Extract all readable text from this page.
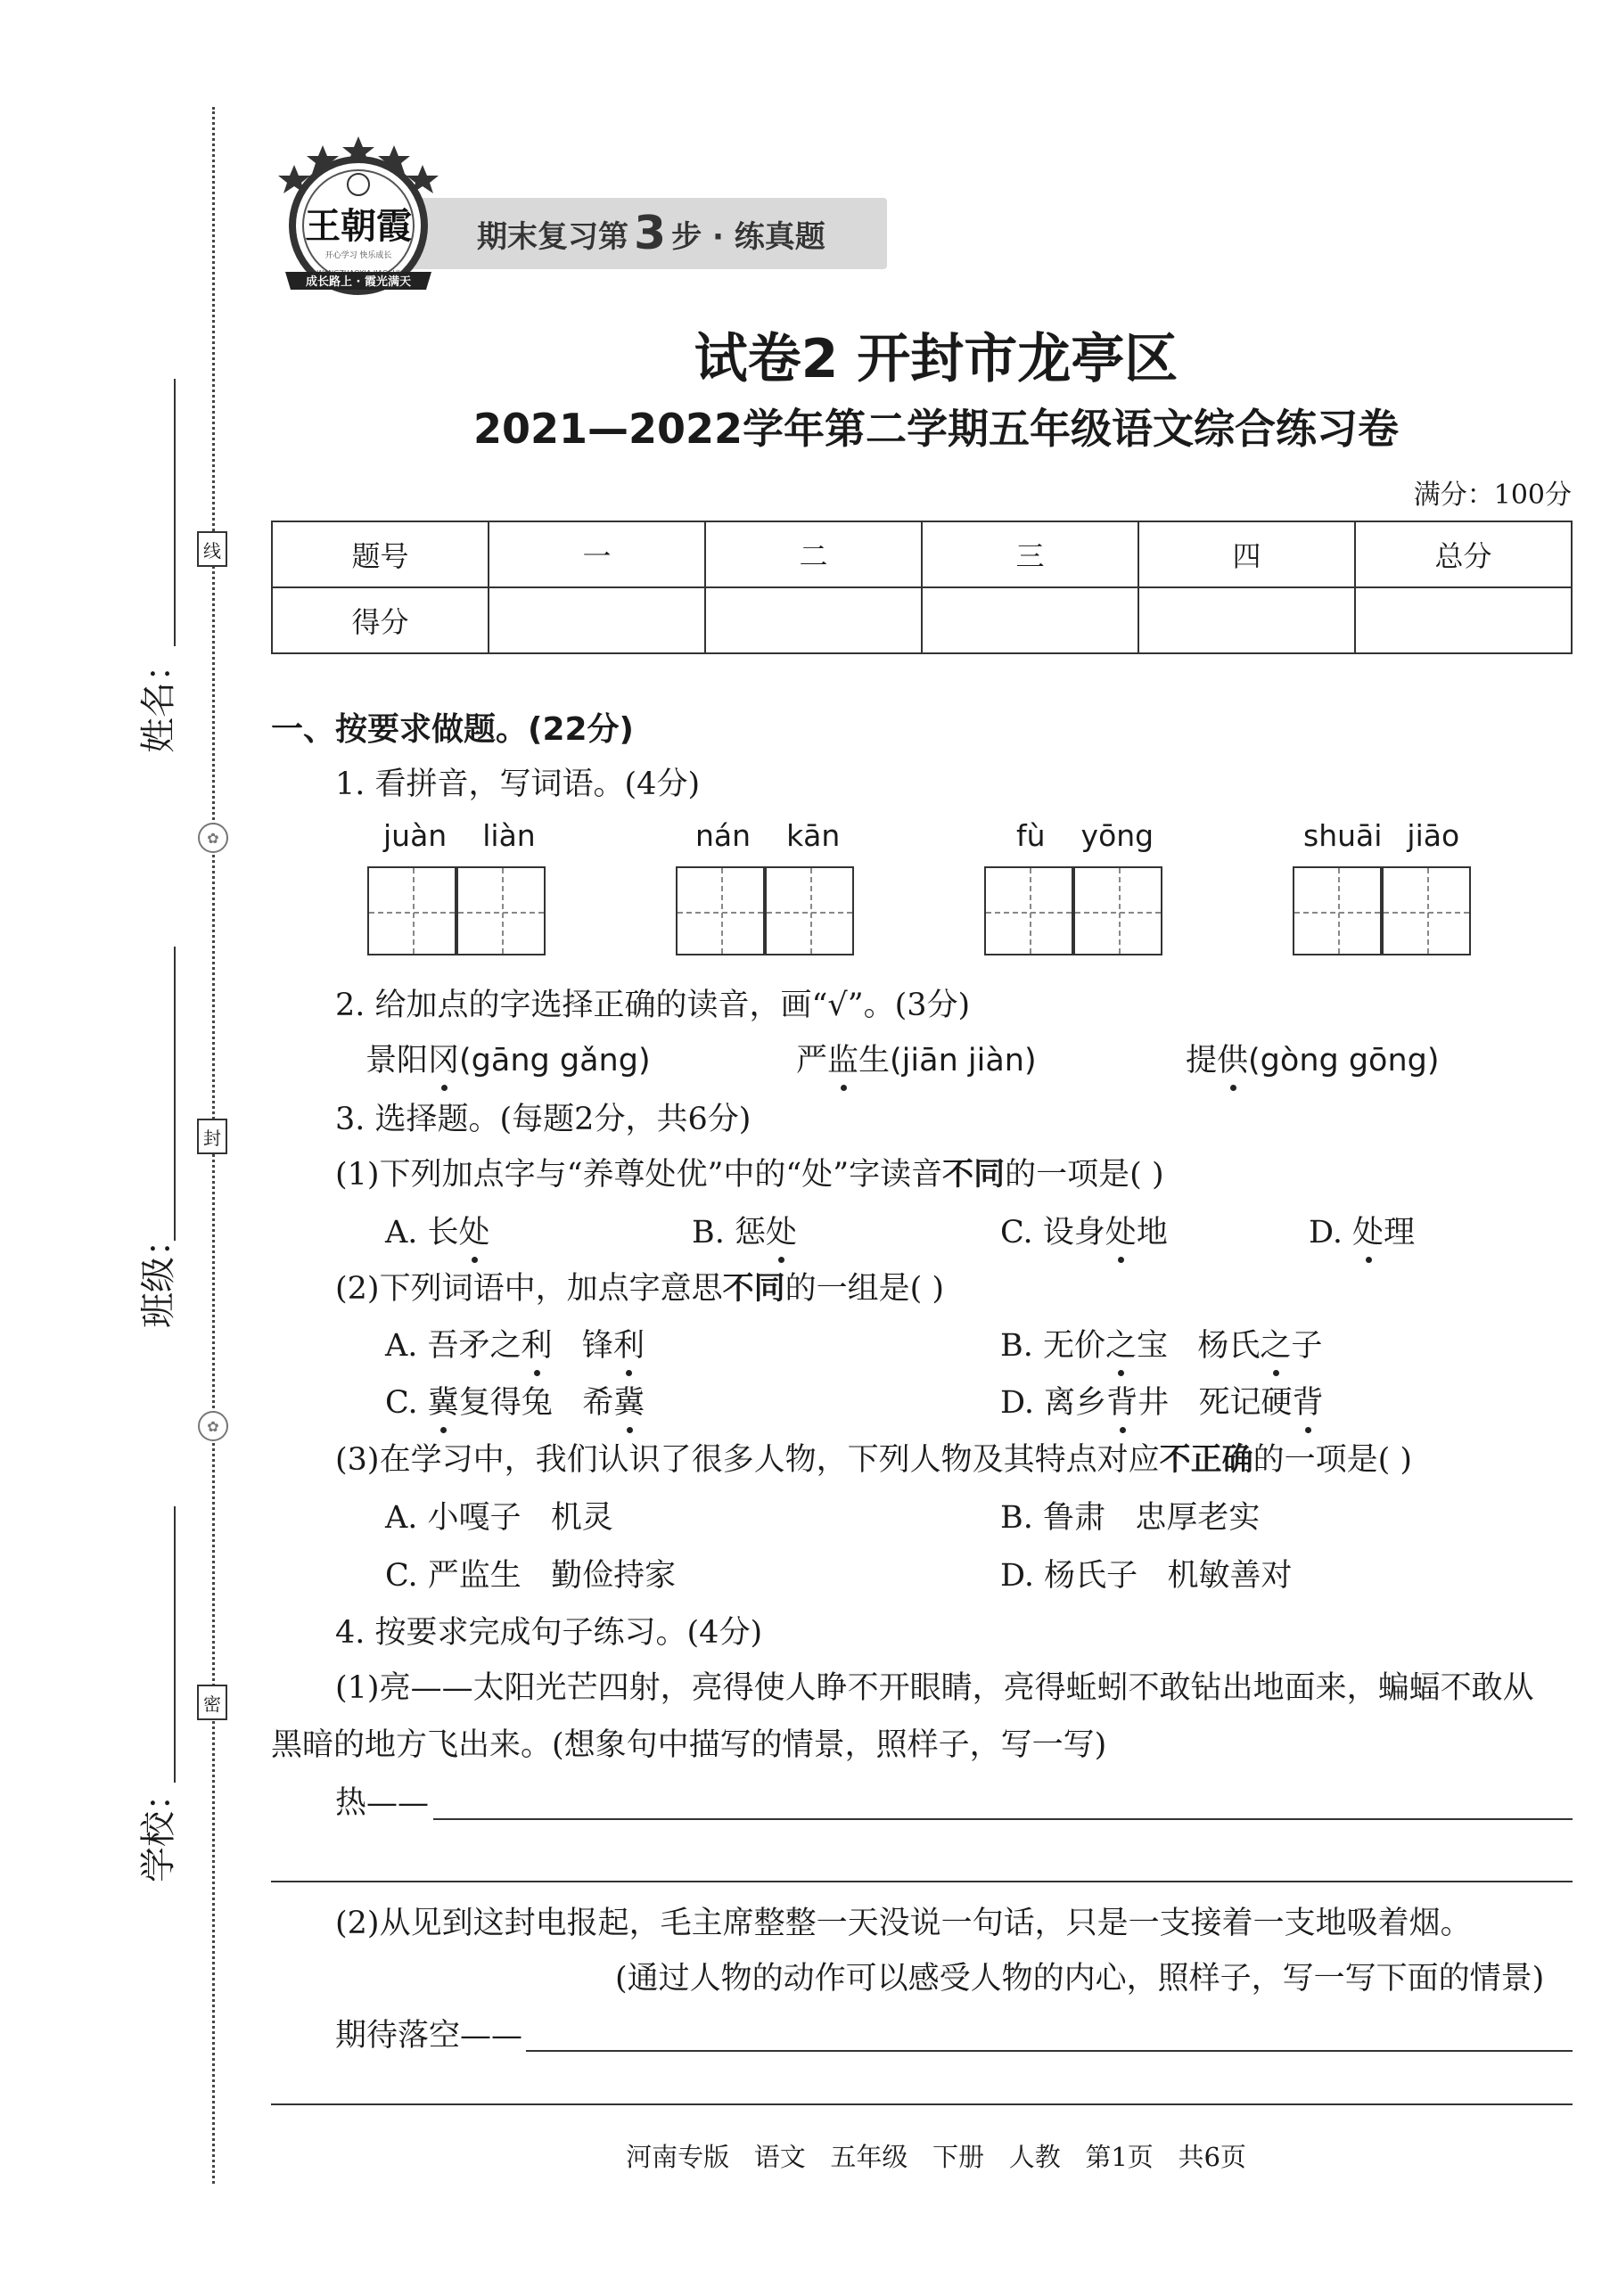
姓名：
班级：
学校：
线
✿
封
✿
密
期末复习第 3 步 · 练真题
王朝霞
开心学习 快乐成长
成长路上 · 霞光满天
试卷2 开封市龙亭区
2021—2022学年第二学期五年级语文综合练习卷
满分：100分
题号	一	二	三	四	总分
得分					
一、按要求做题。(22分)
1. 看拼音，写词语。(4分)
juàn liàn	nán kān	fù yōng	shuāi jiāo
2. 给加点的字选择正确的读音，画“√”。(3分)
景阳冈(gāng gǎng)	严监生(jiān jiàn)	提供(gòng gōng)
3. 选择题。(每题2分，共6分)
(1)下列加点字与“养尊处优”中的“处”字读音不同的一项是( )
A. 长处	B. 惩处	C. 设身处地	D. 处理
(2)下列词语中，加点字意思不同的一组是( )
A. 吾矛之利   锋利	B. 无价之宝   杨氏之子
C. 冀复得兔   希冀	D. 离乡背井   死记硬背
(3)在学习中，我们认识了很多人物，下列人物及其特点对应不正确的一项是( )
A. 小嘎子   机灵	B. 鲁肃   忠厚老实
C. 严监生   勤俭持家	D. 杨氏子   机敏善对
4. 按要求完成句子练习。(4分)
(1)亮——太阳光芒四射，亮得使人睁不开眼睛，亮得蚯蚓不敢钻出地面来，蝙蝠不敢从
黑暗的地方飞出来。(想象句中描写的情景，照样子，写一写)
热——
(2)从见到这封电报起，毛主席整整一天没说一句话，只是一支接着一支地吸着烟。
(通过人物的动作可以感受人物的内心，照样子，写一写下面的情景)
期待落空——
河南专版   语文   五年级   下册   人教   第1页   共6页
